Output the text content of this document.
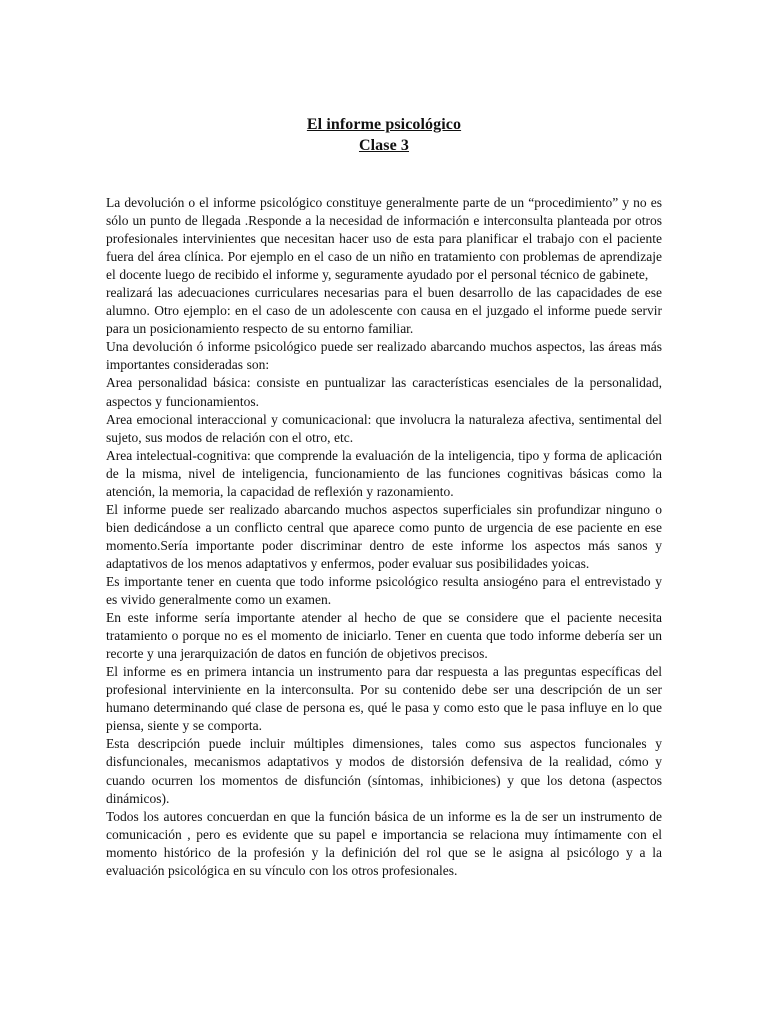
El informe psicológico
Clase 3

La devolución o el informe psicológico constituye generalmente parte de un “procedimiento” y no es sólo un punto de llegada .Responde a la necesidad de información e interconsulta planteada por otros profesionales intervinientes que necesitan hacer uso de esta para planificar el trabajo con el paciente fuera del área clínica. Por ejemplo en el caso de un niño en tratamiento con problemas de aprendizaje el docente luego de recibido el informe y, seguramente ayudado por el personal técnico de gabinete,

realizará las adecuaciones curriculares necesarias para el buen desarrollo de las capacidades de ese alumno. Otro ejemplo: en el caso de un adolescente con causa en el juzgado el informe puede servir para un posicionamiento respecto de su entorno familiar.

Una devolución ó informe psicológico puede ser realizado abarcando muchos aspectos, las áreas más importantes consideradas son:

Area personalidad básica: consiste en puntualizar las características esenciales de la personalidad, aspectos y funcionamientos.

Area emocional interaccional y comunicacional: que involucra la naturaleza afectiva, sentimental del sujeto, sus modos de relación con el otro, etc.

Area intelectual-cognitiva: que comprende la evaluación de la inteligencia, tipo y forma de aplicación de la misma, nivel de inteligencia, funcionamiento de las funciones cognitivas básicas como la atención, la memoria, la capacidad de reflexión y razonamiento.

El informe puede ser realizado abarcando muchos aspectos superficiales sin profundizar ninguno o bien dedicándose a un conflicto central que aparece como punto de urgencia de ese paciente en ese momento.Sería importante poder discriminar dentro de este informe los aspectos más sanos y adaptativos de los menos adaptativos y enfermos, poder evaluar sus posibilidades yoicas.

Es importante tener en cuenta que todo informe psicológico resulta ansiogéno para el entrevistado y es vivido generalmente como un examen.

En este informe sería importante atender al hecho de que se considere que el paciente necesita tratamiento o porque no es el momento de iniciarlo. Tener en cuenta que todo informe debería ser un recorte y una jerarquización de datos en función de objetivos precisos.

El informe es en primera intancia un instrumento para dar respuesta a las preguntas específicas del profesional interviniente en la interconsulta. Por su contenido debe ser una descripción de un ser humano determinando qué clase de persona es, qué le pasa y como esto que le pasa influye en lo que piensa, siente y se comporta.

Esta descripción puede incluir múltiples dimensiones, tales como sus aspectos funcionales y disfuncionales, mecanismos adaptativos y modos de distorsión defensiva de la realidad, cómo y cuando ocurren los momentos de disfunción (síntomas, inhibiciones) y que los detona (aspectos dinámicos).

Todos los autores concuerdan en que la función básica de un informe es la de ser un instrumento de comunicación , pero es evidente que su papel e importancia se relaciona muy íntimamente con el momento histórico de la profesión y la definición del rol que se le asigna al psicólogo y a la evaluación psicológica en su vínculo con los otros profesionales.
